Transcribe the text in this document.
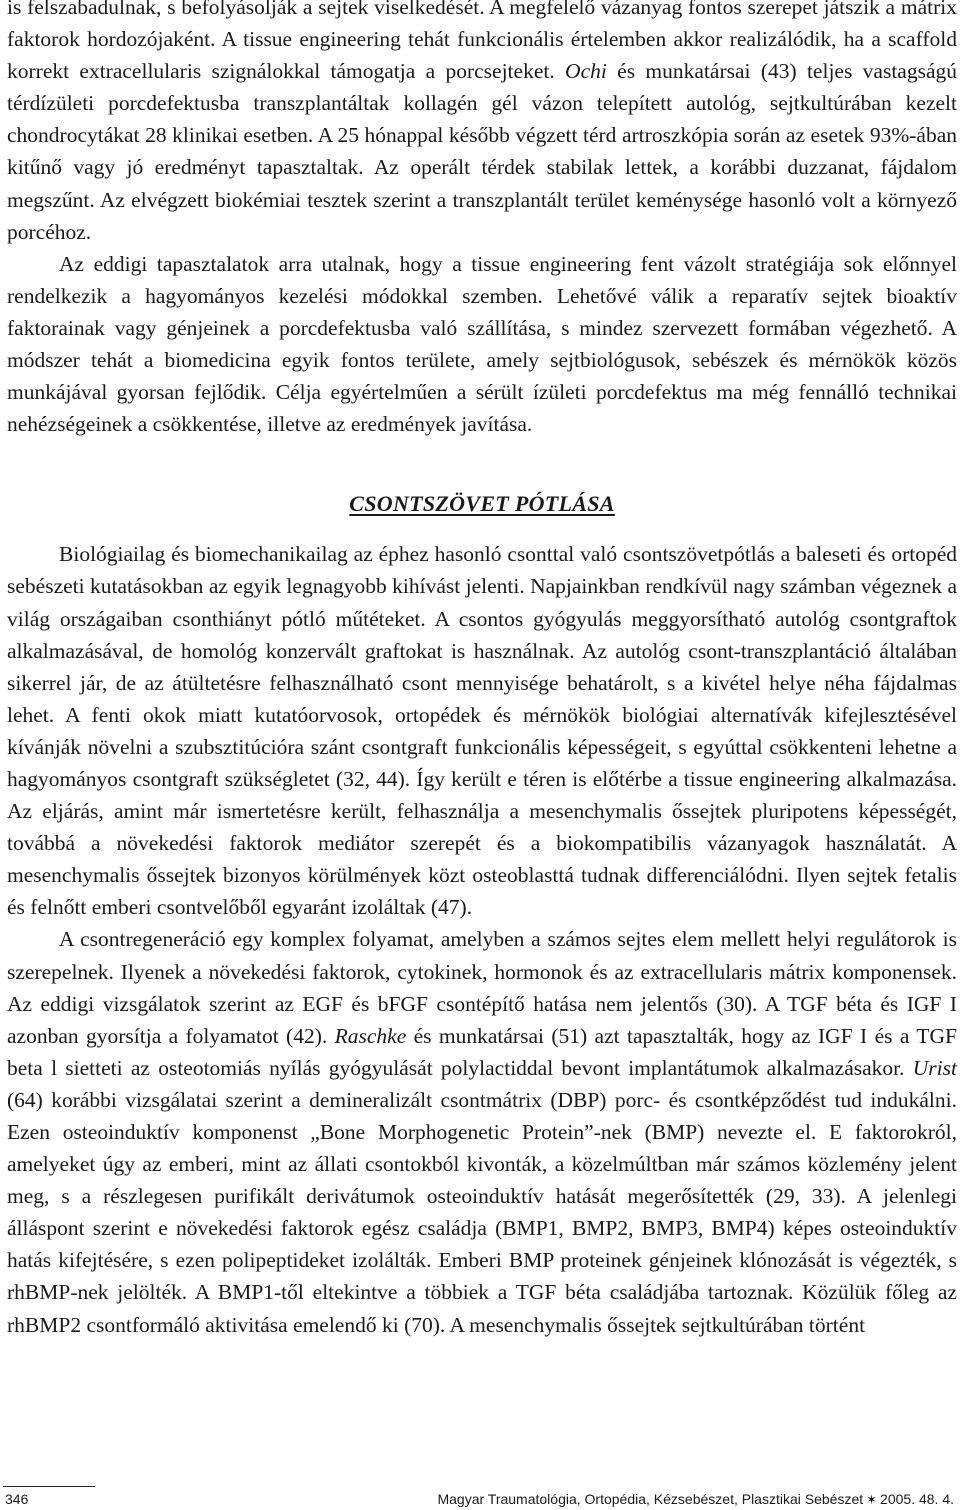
is felszabadulnak, s befolyásolják a sejtek viselkedését. A megfelelő vázanyag fontos szerepet játszik a mátrix faktorok hordozójaként. A tissue engineering tehát funkcionális értelemben akkor realizálódik, ha a scaffold korrekt extracellularis szignálokkal támogatja a porcsejteket. Ochi és munkatársai (43) teljes vastagságú térdízületi porcdefektusba transzplantáltak kollagén gél vázon telepített autológ, sejtkultúrában kezelt chondrocytákat 28 klinikai esetben. A 25 hónappal később végzett térd artroszkópia során az esetek 93%-ában kitűnő vagy jó eredményt tapasztaltak. Az operált térdek stabilak lettek, a korábbi duzzanat, fájdalom megszűnt. Az elvégzett biokémiai tesztek szerint a transzplantált terület keménysége hasonló volt a környező porcéhoz.

Az eddigi tapasztalatok arra utalnak, hogy a tissue engineering fent vázolt stratégiája sok előnnyel rendelkezik a hagyományos kezelési módokkal szemben. Lehetővé válik a reparatív sejtek bioaktív faktorainak vagy génjeinek a porcdefektusba való szállítása, s mindez szervezett formában végezhető. A módszer tehát a biomedicina egyik fontos területe, amely sejtbiológusok, sebészek és mérnökök közös munkájával gyorsan fejlődik. Célja egyértelműen a sérült ízületi porcdefektus ma még fennálló technikai nehézségeinek a csökkentése, illetve az eredmények javítása.

CSONTSZÖVET PÓTLÁSA

Biológiailag és biomechanikailag az éphez hasonló csonttal való csontszövetpótlás a baleseti és ortopéd sebészeti kutatásokban az egyik legnagyobb kihívást jelenti. Napjainkban rendkívül nagy számban végeznek a világ országaiban csonthiányt pótló műtéteket. A csontos gyógyulás meggyorsítható autológ csontgraftok alkalmazásával, de homológ konzervált graftokat is használnak. Az autológ csont-transzplantáció általában sikerrel jár, de az átültetésre felhasználható csont mennyisége behatárolt, s a kivétel helye néha fájdalmas lehet. A fenti okok miatt kutatóorvosok, ortopédek és mérnökök biológiai alternatívák kifejlesztésével kívánják növelni a szubsztitúcióra szánt csontgraft funkcionális képességeit, s egyúttal csökkenteni lehetne a hagyományos csontgraft szükségletet (32, 44). Így került e téren is előtérbe a tissue engineering alkalmazása. Az eljárás, amint már ismertetésre került, felhasználja a mesenchymalis őssejtek pluripotens képességét, továbbá a növekedési faktorok mediátor szerepét és a biokompatibilis vázanyagok használatát. A mesenchymalis őssejtek bizonyos körülmények közt osteoblasttá tudnak differenciálódni. Ilyen sejtek fetalis és felnőtt emberi csontvelőből egyaránt izoláltak (47).

A csontregeneráció egy komplex folyamat, amelyben a számos sejtes elem mellett helyi regulátorok is szerepelnek. Ilyenek a növekedési faktorok, cytokinek, hormonok és az extracellularis mátrix komponensek. Az eddigi vizsgálatok szerint az EGF és bFGF csontépítő hatása nem jelentős (30). A TGF béta és IGF I azonban gyorsítja a folyamatot (42). Raschke és munkatársai (51) azt tapasztalták, hogy az IGF I és a TGF beta l sietteti az osteotomiás nyílás gyógyulását polylactiddal bevont implantátumok alkalmazásakor. Urist (64) korábbi vizsgálatai szerint a demineralizált csontmátrix (DBP) porc- és csontképződést tud indukálni. Ezen osteoinduktív komponenst „Bone Morphogenetic Protein”-nek (BMP) nevezte el. E faktorokról, amelyeket úgy az emberi, mint az állati csontokból kivonták, a közelmúltban már számos közlemény jelent meg, s a részlegesen purifikált derivátumok osteoinduktív hatását megerősítették (29, 33). A jelenlegi álláspont szerint e növekedési faktorok egész családja (BMP1, BMP2, BMP3, BMP4) képes osteoinduktív hatás kifejtésére, s ezen polipeptideket izolálták. Emberi BMP proteinek génjeinek klónozását is végezték, s rhBMP-nek jelölték. A BMP1-től eltekintve a többiek a TGF béta családjába tartoznak. Közülük főleg az rhBMP2 csontformáló aktivitása emelendő ki (70). A mesenchymalis őssejtek sejtkultúrában történt

346	Magyar Traumatológia, Ortopédia, Kézsebészet, Plasztikai Sebészet ✶ 2005. 48. 4.
